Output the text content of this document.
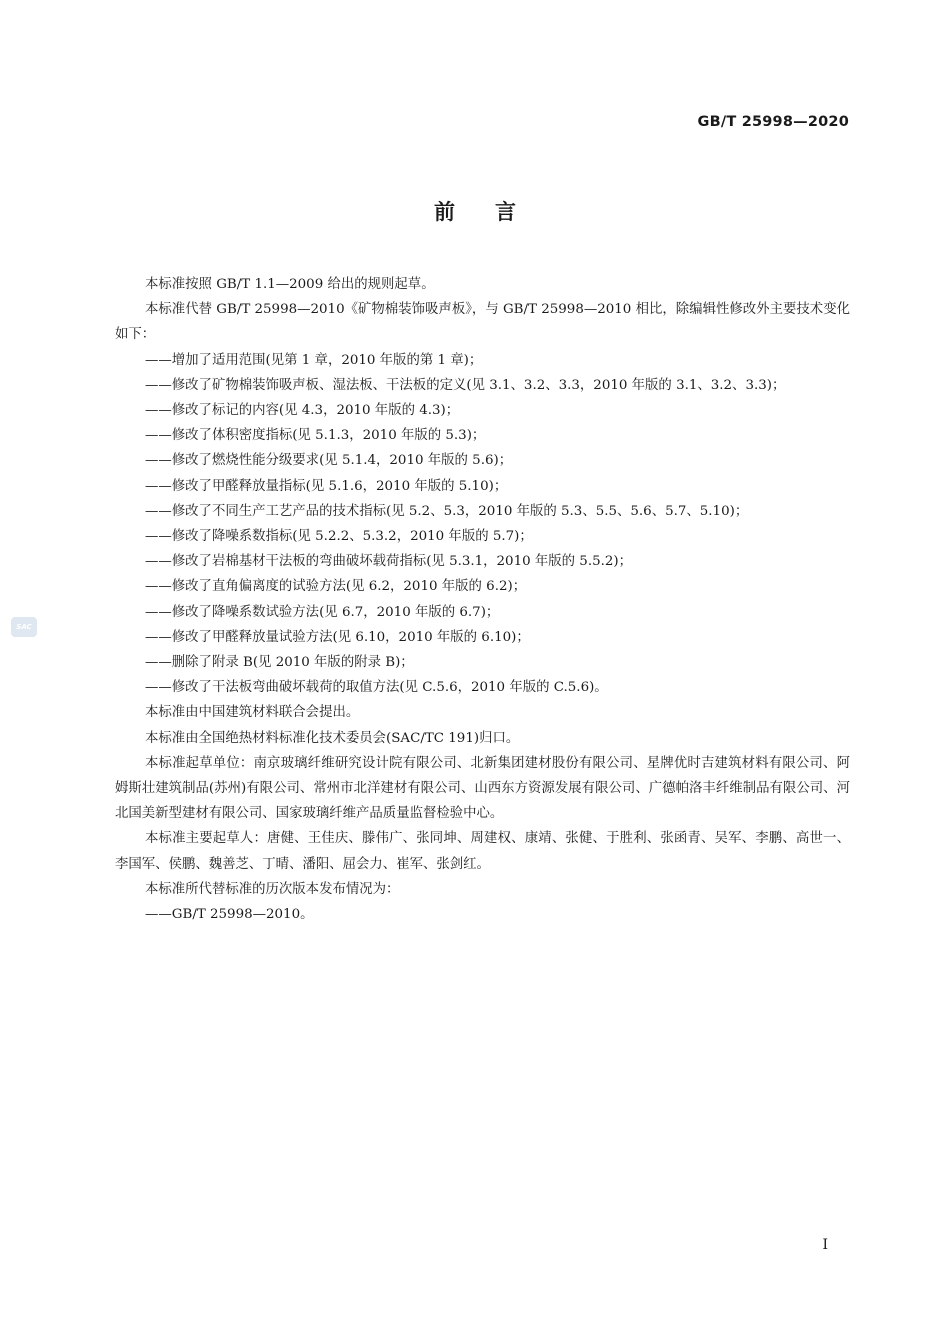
GB/T 25998—2020
前言
SAC

本标准按照 GB/T 1.1—2009 给出的规则起草。

本标准代替 GB/T 25998—2010《矿物棉装饰吸声板》，与 GB/T 25998—2010 相比，除编辑性修改外主要技术变化如下：

——增加了适用范围(见第 1 章，2010 年版的第 1 章)；

——修改了矿物棉装饰吸声板、湿法板、干法板的定义(见 3.1、3.2、3.3，2010 年版的 3.1、3.2、3.3)；

——修改了标记的内容(见 4.3，2010 年版的 4.3)；

——修改了体积密度指标(见 5.1.3，2010 年版的 5.3)；

——修改了燃烧性能分级要求(见 5.1.4，2010 年版的 5.6)；

——修改了甲醛释放量指标(见 5.1.6，2010 年版的 5.10)；

——修改了不同生产工艺产品的技术指标(见 5.2、5.3，2010 年版的 5.3、5.5、5.6、5.7、5.10)；

——修改了降噪系数指标(见 5.2.2、5.3.2，2010 年版的 5.7)；

——修改了岩棉基材干法板的弯曲破坏载荷指标(见 5.3.1，2010 年版的 5.5.2)；

——修改了直角偏离度的试验方法(见 6.2，2010 年版的 6.2)；

——修改了降噪系数试验方法(见 6.7，2010 年版的 6.7)；

——修改了甲醛释放量试验方法(见 6.10，2010 年版的 6.10)；

——删除了附录 B(见 2010 年版的附录 B)；

——修改了干法板弯曲破坏载荷的取值方法(见 C.5.6，2010 年版的 C.5.6)。

本标准由中国建筑材料联合会提出。

本标准由全国绝热材料标准化技术委员会(SAC/TC 191)归口。

本标准起草单位：南京玻璃纤维研究设计院有限公司、北新集团建材股份有限公司、星牌优时吉建筑材料有限公司、阿姆斯壮建筑制品(苏州)有限公司、常州市北洋建材有限公司、山西东方资源发展有限公司、广德帕洛丰纤维制品有限公司、河北国美新型建材有限公司、国家玻璃纤维产品质量监督检验中心。

本标准主要起草人：唐健、王佳庆、滕伟广、张同坤、周建权、康靖、张健、于胜利、张函青、吴军、李鹏、高世一、李国军、侯鹏、魏善芝、丁晴、潘阳、屈会力、崔军、张剑红。

本标准所代替标准的历次版本发布情况为：

——GB/T 25998—2010。

I
